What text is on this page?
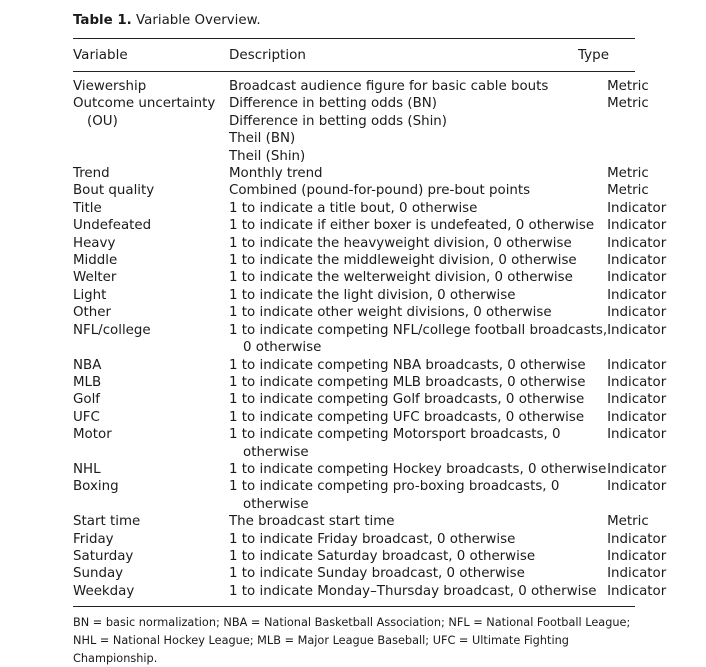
Table 1. Variable Overview.
Variable	Description	Type
Viewership	Broadcast audience figure for basic cable bouts	Metric
Outcome uncertainty	Difference in betting odds (BN)	Metric
(OU)	Difference in betting odds (Shin)	
	Theil (BN)	
	Theil (Shin)	
Trend	Monthly trend	Metric
Bout quality	Combined (pound-for-pound) pre-bout points	Metric
Title	1 to indicate a title bout, 0 otherwise	Indicator
Undefeated	1 to indicate if either boxer is undefeated, 0 otherwise	Indicator
Heavy	1 to indicate the heavyweight division, 0 otherwise	Indicator
Middle	1 to indicate the middleweight division, 0 otherwise	Indicator
Welter	1 to indicate the welterweight division, 0 otherwise	Indicator
Light	1 to indicate the light division, 0 otherwise	Indicator
Other	1 to indicate other weight divisions, 0 otherwise	Indicator
NFL/college	1 to indicate competing NFL/college football broadcasts,	Indicator
	0 otherwise	
NBA	1 to indicate competing NBA broadcasts, 0 otherwise	Indicator
MLB	1 to indicate competing MLB broadcasts, 0 otherwise	Indicator
Golf	1 to indicate competing Golf broadcasts, 0 otherwise	Indicator
UFC	1 to indicate competing UFC broadcasts, 0 otherwise	Indicator
Motor	1 to indicate competing Motorsport broadcasts, 0	Indicator
	otherwise	
NHL	1 to indicate competing Hockey broadcasts, 0 otherwise	Indicator
Boxing	1 to indicate competing pro-boxing broadcasts, 0	Indicator
	otherwise	
Start time	The broadcast start time	Metric
Friday	1 to indicate Friday broadcast, 0 otherwise	Indicator
Saturday	1 to indicate Saturday broadcast, 0 otherwise	Indicator
Sunday	1 to indicate Sunday broadcast, 0 otherwise	Indicator
Weekday	1 to indicate Monday–Thursday broadcast, 0 otherwise	Indicator
BN = basic normalization; NBA = National Basketball Association; NFL = National Football League; NHL = National Hockey League; MLB = Major League Baseball; UFC = Ultimate Fighting Championship.
